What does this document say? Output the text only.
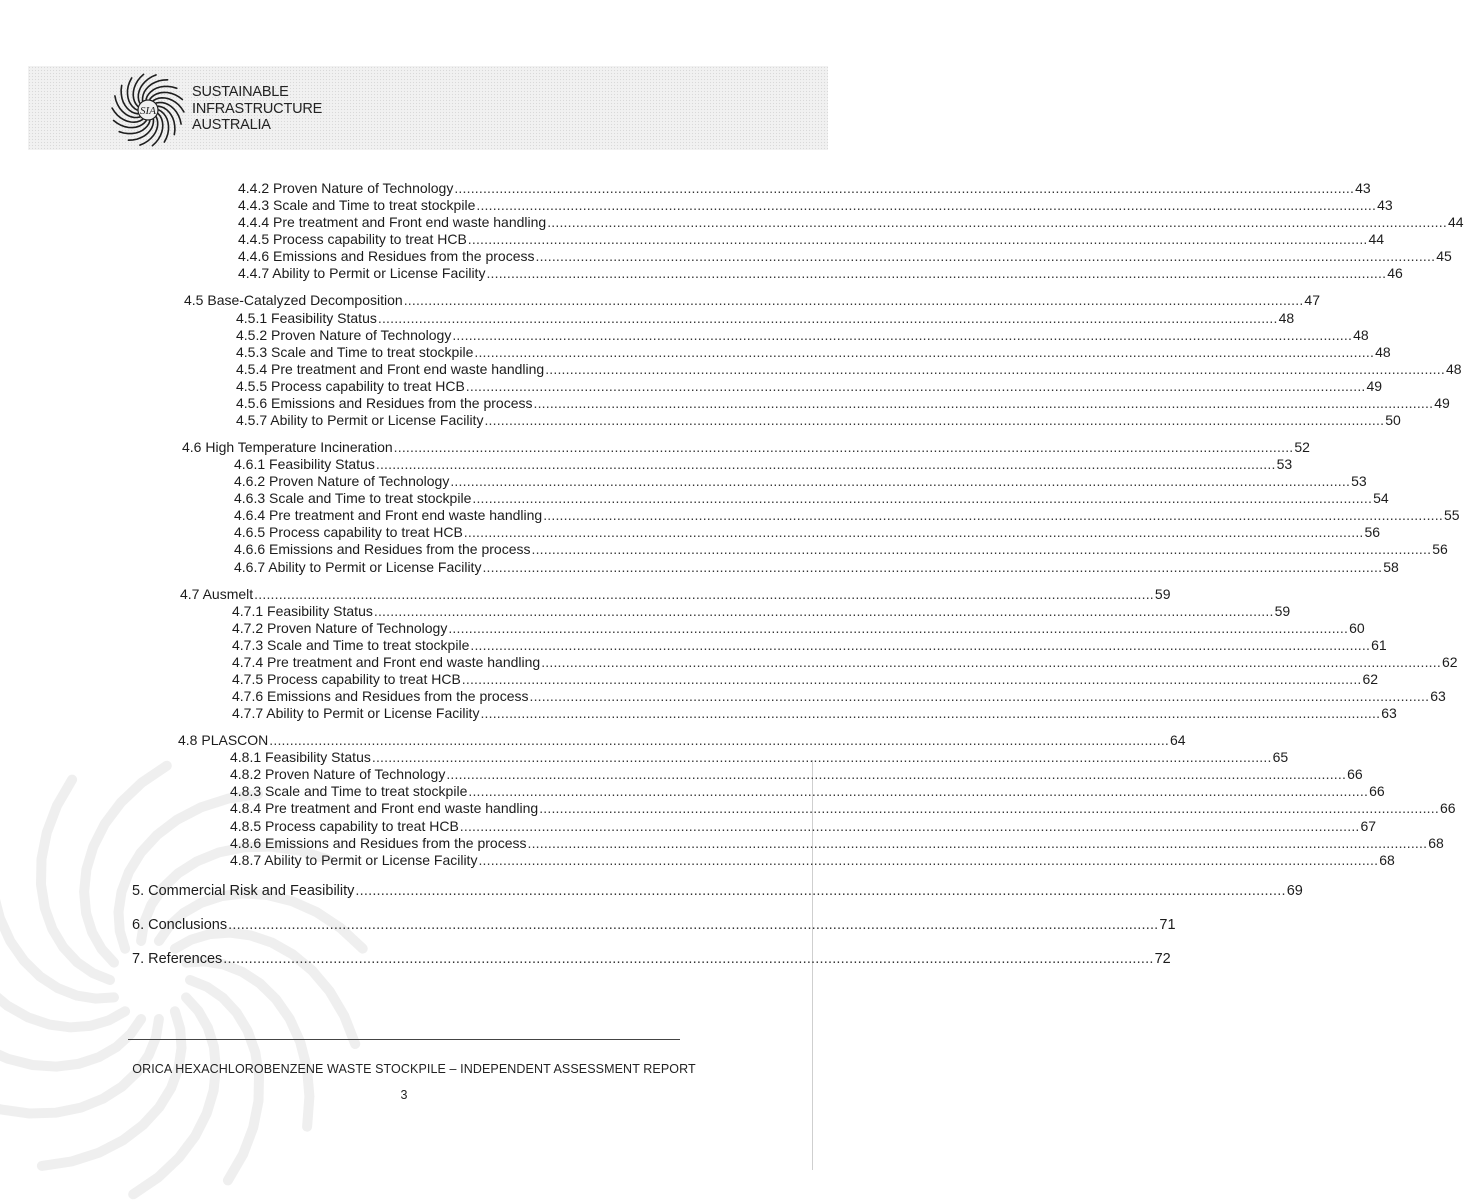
SIA
SUSTAINABLE
INFRASTRUCTURE
AUSTRALIA
4.4.2 Proven Nature of Technology ............................................................................................................................................................................................................................ 43
4.4.3 Scale and Time to treat stockpile ............................................................................................................................................................................................................................ 43
4.4.4 Pre treatment and Front end waste handling ............................................................................................................................................................................................................................ 44
4.4.5 Process capability to treat HCB ............................................................................................................................................................................................................................ 44
4.4.6 Emissions and Residues from the process ............................................................................................................................................................................................................................ 45
4.4.7 Ability to Permit or License Facility ............................................................................................................................................................................................................................ 46
4.5 Base-Catalyzed Decomposition ............................................................................................................................................................................................................................ 47
4.5.1 Feasibility Status ............................................................................................................................................................................................................................ 48
4.5.2 Proven Nature of Technology ............................................................................................................................................................................................................................ 48
4.5.3 Scale and Time to treat stockpile ............................................................................................................................................................................................................................ 48
4.5.4 Pre treatment and Front end waste handling ............................................................................................................................................................................................................................ 48
4.5.5 Process capability to treat HCB ............................................................................................................................................................................................................................ 49
4.5.6 Emissions and Residues from the process ............................................................................................................................................................................................................................ 49
4.5.7 Ability to Permit or License Facility ............................................................................................................................................................................................................................ 50
4.6 High Temperature Incineration ............................................................................................................................................................................................................................ 52
4.6.1 Feasibility Status ............................................................................................................................................................................................................................ 53
4.6.2 Proven Nature of Technology ............................................................................................................................................................................................................................ 53
4.6.3 Scale and Time to treat stockpile ............................................................................................................................................................................................................................ 54
4.6.4 Pre treatment and Front end waste handling ............................................................................................................................................................................................................................ 55
4.6.5 Process capability to treat HCB ............................................................................................................................................................................................................................ 56
4.6.6 Emissions and Residues from the process ............................................................................................................................................................................................................................ 56
4.6.7 Ability to Permit or License Facility ............................................................................................................................................................................................................................ 58
4.7 Ausmelt ............................................................................................................................................................................................................................ 59
4.7.1 Feasibility Status ............................................................................................................................................................................................................................ 59
4.7.2 Proven Nature of Technology ............................................................................................................................................................................................................................ 60
4.7.3 Scale and Time to treat stockpile ............................................................................................................................................................................................................................ 61
4.7.4 Pre treatment and Front end waste handling ............................................................................................................................................................................................................................ 62
4.7.5 Process capability to treat HCB ............................................................................................................................................................................................................................ 62
4.7.6 Emissions and Residues from the process ............................................................................................................................................................................................................................ 63
4.7.7 Ability to Permit or License Facility ............................................................................................................................................................................................................................ 63
4.8 PLASCON ............................................................................................................................................................................................................................ 64
4.8.1 Feasibility Status ............................................................................................................................................................................................................................ 65
4.8.2 Proven Nature of Technology ............................................................................................................................................................................................................................ 66
4.8.3 Scale and Time to treat stockpile ............................................................................................................................................................................................................................ 66
4.8.4 Pre treatment and Front end waste handling ............................................................................................................................................................................................................................ 66
4.8.5 Process capability to treat HCB ............................................................................................................................................................................................................................ 67
4.8.6 Emissions and Residues from the process ............................................................................................................................................................................................................................ 68
4.8.7 Ability to Permit or License Facility ............................................................................................................................................................................................................................ 68
5. Commercial Risk and Feasibility ............................................................................................................................................................................................................................ 69
6. Conclusions ............................................................................................................................................................................................................................ 71
7. References ............................................................................................................................................................................................................................ 72
ORICA HEXACHLOROBENZENE WASTE STOCKPILE – INDEPENDENT ASSESSMENT REPORT
3
